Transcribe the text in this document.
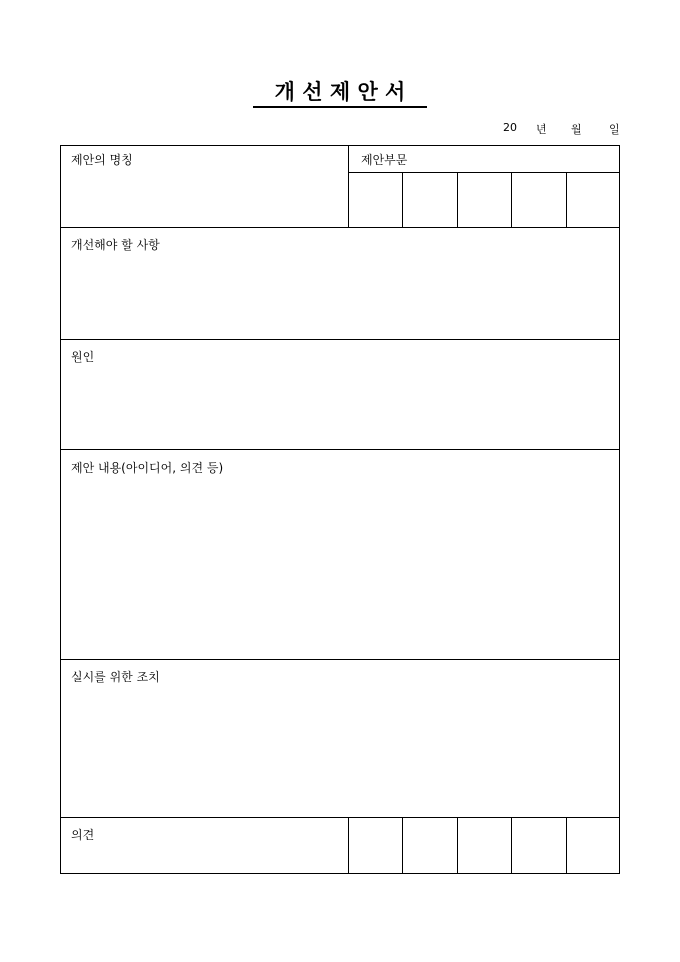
개 선 제 안 서
20 년 월 일
제안의 명칭	제안부문
개선해야 할 사항
원인
제안 내용(아이디어, 의견 등)
실시를 위한 조치
의견
